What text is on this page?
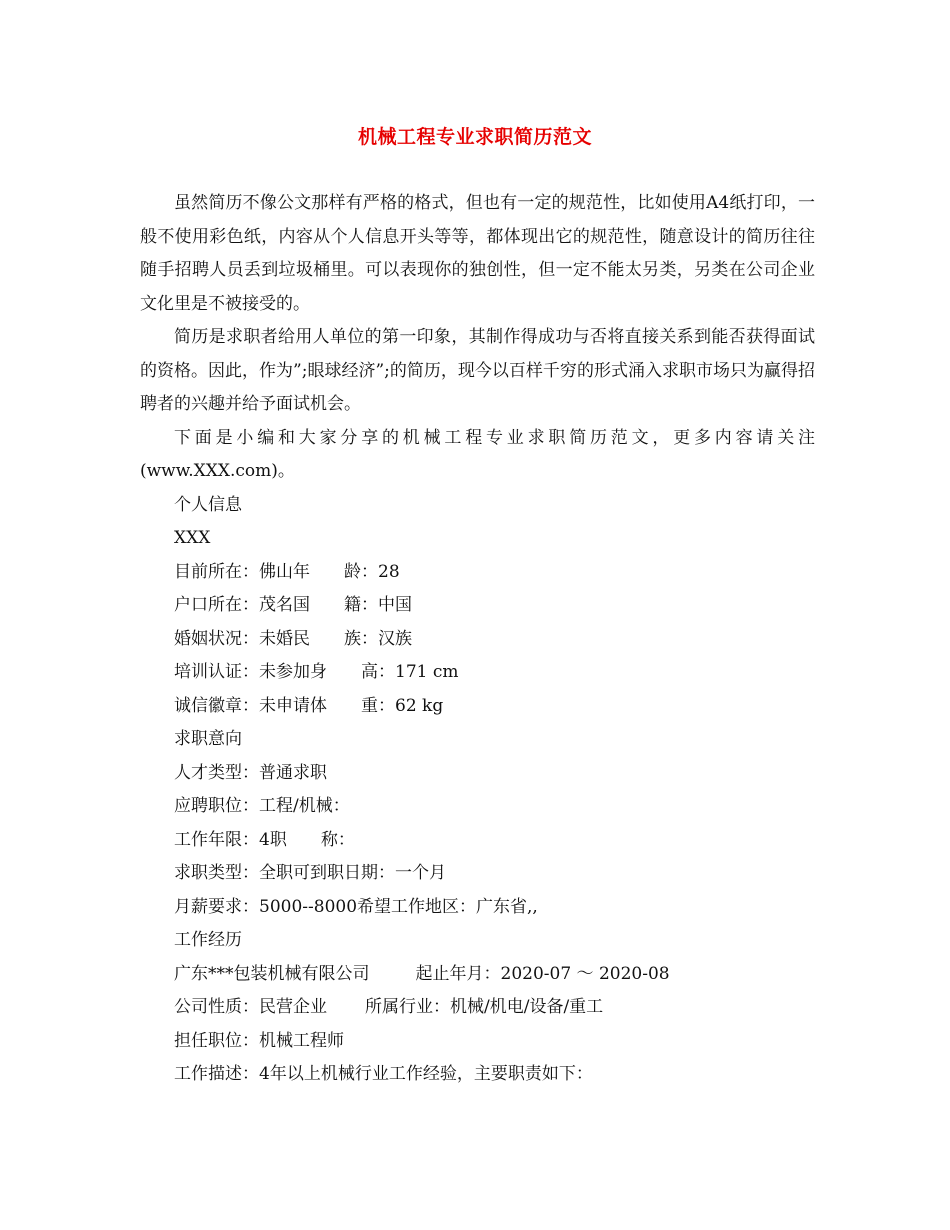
机械工程专业求职简历范文

虽然简历不像公文那样有严格的格式，但也有一定的规范性，比如使用A4纸打印，一般不使用彩色纸，内容从个人信息开头等等，都体现出它的规范性，随意设计的简历往往随手招聘人员丢到垃圾桶里。可以表现你的独创性，但一定不能太另类，另类在公司企业文化里是不被接受的。

简历是求职者给用人单位的第一印象，其制作得成功与否将直接关系到能否获得面试的资格。因此，作为”;眼球经济”;的简历，现今以百样千穷的形式涌入求职市场只为赢得招聘者的兴趣并给予面试机会。

下面是小编和大家分享的机械工程专业求职简历范文，更多内容请关注(www.XXX.com)。

个人信息

XXX

目前所在：佛山年　　龄：28

户口所在：茂名国　　籍：中国

婚姻状况：未婚民　　族：汉族

培训认证：未参加身　　高：171 cm

诚信徽章：未申请体　　重：62 kg

求职意向

人才类型：普通求职

应聘职位：工程/机械：

工作年限：4职　　称：

求职类型：全职可到职日期：一个月

月薪要求：5000--8000希望工作地区：广东省,,

工作经历

广东***包装机械有限公司	起止年月：2020-07 ～ 2020-08

公司性质：民营企业 所属行业：机械/机电/设备/重工

担任职位：机械工程师

工作描述：4年以上机械行业工作经验，主要职责如下：
